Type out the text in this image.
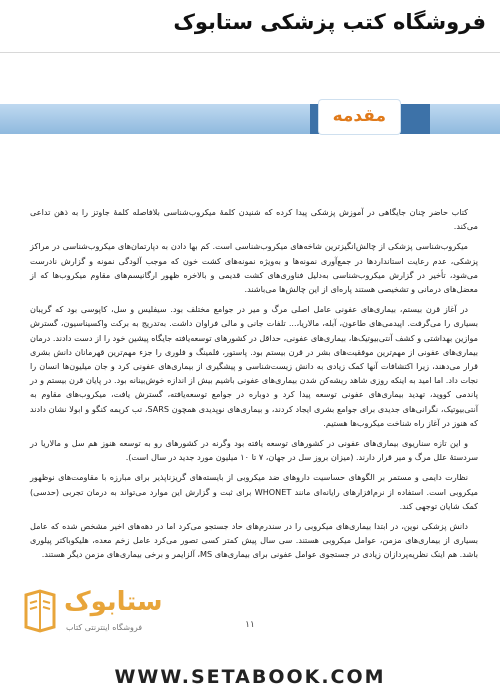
فروشگاه کتب پزشکی ستابوک
مقدمه

کتاب حاضر چنان جایگاهی در آموزش پزشکی پیدا کرده که شنیدن کلمهٔ میکروب‌شناسی بلافاصله کلمهٔ جاوتز را به ذهن تداعی می‌کند.

میکروب‌شناسی پزشکی از چالش‌انگیزترین شاخه‌های میکروب‌شناسی است. کم بها دادن به دپارتمان‌های میکروب‌شناسی در مراکز پزشکی، عدم رعایت استانداردها در جمع‌آوری نمونه‌ها و به‌ویژه نمونه‌های کشت خون که موجب آلودگی نمونه و گزارش نادرست می‌شود، تأخیر در گزارش میکروب‌شناسی به‌دلیل فناوری‌های کشت قدیمی و بالاخره ظهور ارگانیسم‌های مقاوم میکروب‌ها که از معضل‌های درمانی و تشخیصی هستند پاره‌ای از این چالش‌ها می‌باشند.

در آغاز قرن بیستم، بیماری‌های عفونی عامل اصلی مرگ و میر در جوامع مختلف بود. سیفلیس و سل، کاپوسی بود که گریبان بسیاری را می‌گرفت. اپیدمی‌های طاعون، آبله، مالاریا،... تلفات جانی و مالی فراوان داشت. به‌تدریج به برکت واکسیناسیون، گسترش موازین بهداشتی و کشف آنتی‌بیوتیک‌ها، بیماری‌های عفونی، حداقل در کشورهای توسعه‌یافته جایگاه پیشین خود را از دست دادند. درمان بیماری‌های عفونی از مهم‌ترین موفقیت‌های بشر در قرن بیستم بود. پاستور، فلمینگ و فلوری را جزء مهم‌ترین قهرمانان دانش بشری قرار می‌دهند، زیرا اکتشافات آنها کمک زیادی به دانش زیست‌شناسی و پیشگیری از بیماری‌های عفونی کرد و جان میلیون‌ها انسان را نجات داد. اما امید به اینکه روزی شاهد ریشه‌کن شدن بیماری‌های عفونی باشیم بیش از اندازه خوش‌بینانه بود. در پایان قرن بیستم و در پاندمی کووید، تهدید بیماری‌های عفونی توسعه پیدا کرد و دوباره در جوامع توسعه‌یافته، گسترش یافت، میکروب‌های مقاوم به آنتی‌بیوتیک، نگرانی‌های جدیدی برای جوامع بشری ایجاد کردند، و بیماری‌های نوپدیدی همچون SARS، تب کریمه کنگو و ابولا نشان دادند که هنوز در آغاز راه شناخت میکروب‌ها هستیم.

و این تازه سناریوی بیماری‌های عفونی در کشورهای توسعه یافته بود وگرنه در کشورهای رو به توسعه هنوز هم سل و مالاریا در سردستهٔ علل مرگ و میر قرار دارند. (میزان بروز سل در جهان، ۷ تا ۱۰ میلیون مورد جدید در سال است).

نظارت دایمی و مستمر بر الگوهای حساسیت داروهای ضد میکروبی از بایسته‌های گریزناپذیر برای مبارزه با مقاومت‌های نوظهور میکروبی است. استفاده از نرم‌افزارهای رایانه‌ای مانند WHONET برای ثبت و گزارش این موارد می‌تواند به درمان تجربی (حدسی) کمک شایان توجهی کند.

دانش پزشکی نوین، در ابتدا بیماری‌های میکروبی را در سندرم‌های حاد جستجو می‌کرد اما در دهه‌های اخیر مشخص شده که عامل بسیاری از بیماری‌های مزمن، عوامل میکروبی هستند. سی سال پیش کمتر کسی تصور می‌کرد عامل زخم معده، هلیکوباکتر پیلوری باشد. هم اینک نظریه‌پردازان زیادی در جستجوی عوامل عفونی برای بیماری‌های MS، آلزایمر و برخی بیماری‌های مزمن دیگر هستند.

ستابوک
فروشگاه اینترنتی کتاب	۱۱
WWW.SETABOOK.COM
